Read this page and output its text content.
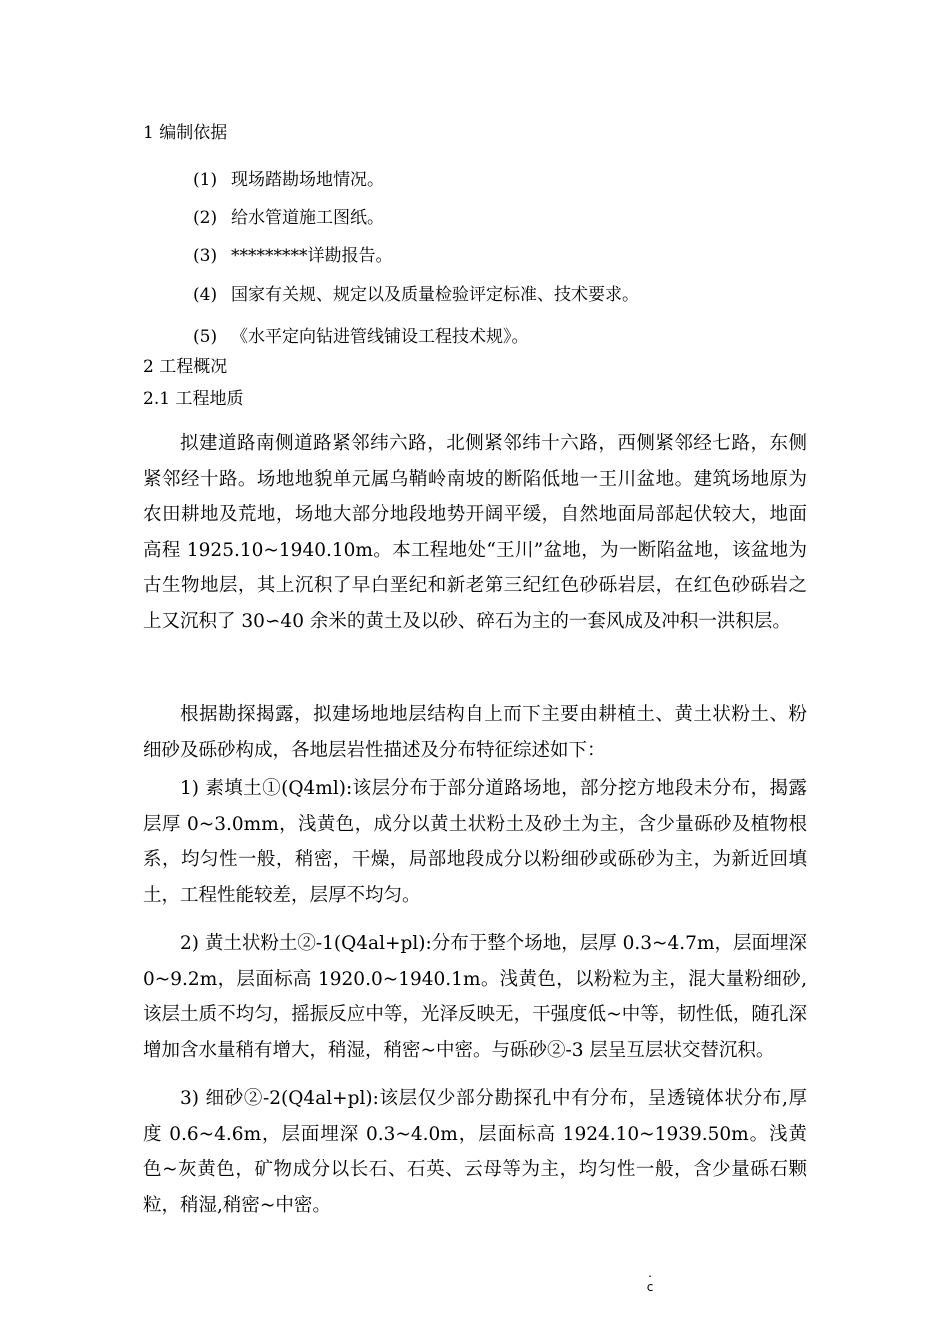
1 编制依据
(1) 现场踏勘场地情况。
(2) 给水管道施工图纸。
(3) *********详勘报告。
(4) 国家有关规、规定以及质量检验评定标准、技术要求。
(5) 《水平定向钻进管线铺设工程技术规》。
2 工程概况
2.1 工程地质

拟建道路南侧道路紧邻纬六路，北侧紧邻纬十六路，西侧紧邻经七路，东侧紧邻经十路。场地地貌单元属乌鞘岭南坡的断陷低地一王川盆地。建筑场地原为农田耕地及荒地，场地大部分地段地势开阔平缓，自然地面局部起伏较大，地面高程 1925.10~1940.10m。本工程地处“王川”盆地，为一断陷盆地，该盆地为古生物地层，其上沉积了早白垩纪和新老第三纪红色砂砾岩层，在红色砂砾岩之上又沉积了 30∽40 余米的黄土及以砂、碎石为主的一套风成及冲积一洪积层。

根据勘探揭露，拟建场地地层结构自上而下主要由耕植土、黄土状粉土、粉细砂及砾砂构成，各地层岩性描述及分布特征综述如下：

1) 素填土①(Q4ml):该层分布于部分道路场地，部分挖方地段未分布，揭露层厚 0~3.0mm，浅黄色，成分以黄土状粉土及砂土为主，含少量砾砂及植物根系，均匀性一般，稍密，干燥，局部地段成分以粉细砂或砾砂为主，为新近回填土，工程性能较差，层厚不均匀。

2) 黄土状粉土②-1(Q4al+pl):分布于整个场地，层厚 0.3~4.7m，层面埋深 0~9.2m，层面标高 1920.0~1940.1m。浅黄色，以粉粒为主，混大量粉细砂,该层土质不均匀，摇振反应中等，光泽反映无，干强度低~中等，韧性低，随孔深增加含水量稍有增大，稍湿，稍密~中密。与砾砂②-3 层呈互层状交替沉积。

3) 细砂②-2(Q4al+pl):该层仅少部分勘探孔中有分布，呈透镜体状分布,厚度 0.6~4.6m，层面埋深 0.3~4.0m，层面标高 1924.10~1939.50m。浅黄色~灰黄色，矿物成分以长石、石英、云母等为主，均匀性一般，含少量砾石颗粒，稍湿,稍密~中密。

.
c
